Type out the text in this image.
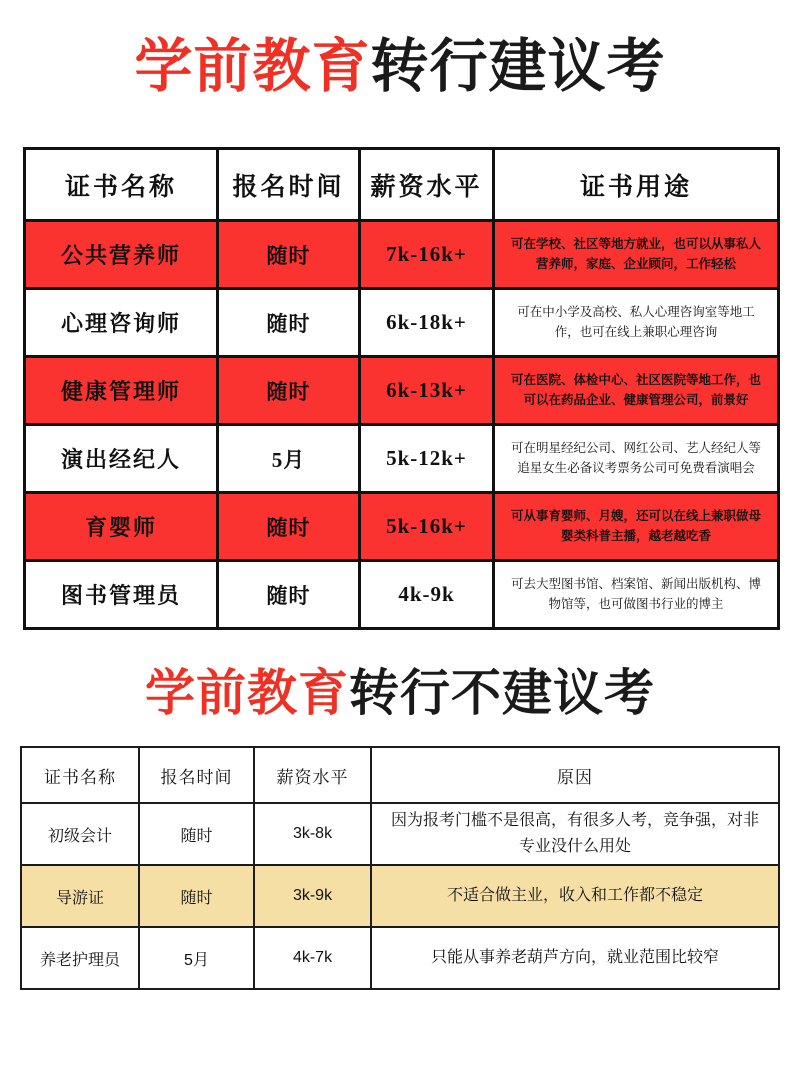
学前教育转行建议考
证书名称	报名时间	薪资水平	证书用途
公共营养师	随时	7k-16k+	可在学校、社区等地方就业，也可以从事私人营养师，家庭、企业顾问，工作轻松
心理咨询师	随时	6k-18k+	可在中小学及高校、私人心理咨询室等地工作，也可在线上兼职心理咨询
健康管理师	随时	6k-13k+	可在医院、体检中心、社区医院等地工作，也可以在药品企业、健康管理公司，前景好
演出经纪人	5月	5k-12k+	可在明星经纪公司、网红公司、艺人经纪人等追星女生必备议考票务公司可免费看演唱会
育婴师	随时	5k-16k+	可从事育婴师、月嫂，还可以在线上兼职做母婴类科普主播，越老越吃香
图书管理员	随时	4k-9k	可去大型图书馆、档案馆、新闻出版机构、博物馆等，也可做图书行业的博主
学前教育转行不建议考
证书名称	报名时间	薪资水平	原因
初级会计	随时	3k-8k	因为报考门槛不是很高，有很多人考，竞争强，对非专业没什么用处
导游证	随时	3k-9k	不适合做主业，收入和工作都不稳定
养老护理员	5月	4k-7k	只能从事养老葫芦方向，就业范围比较窄
